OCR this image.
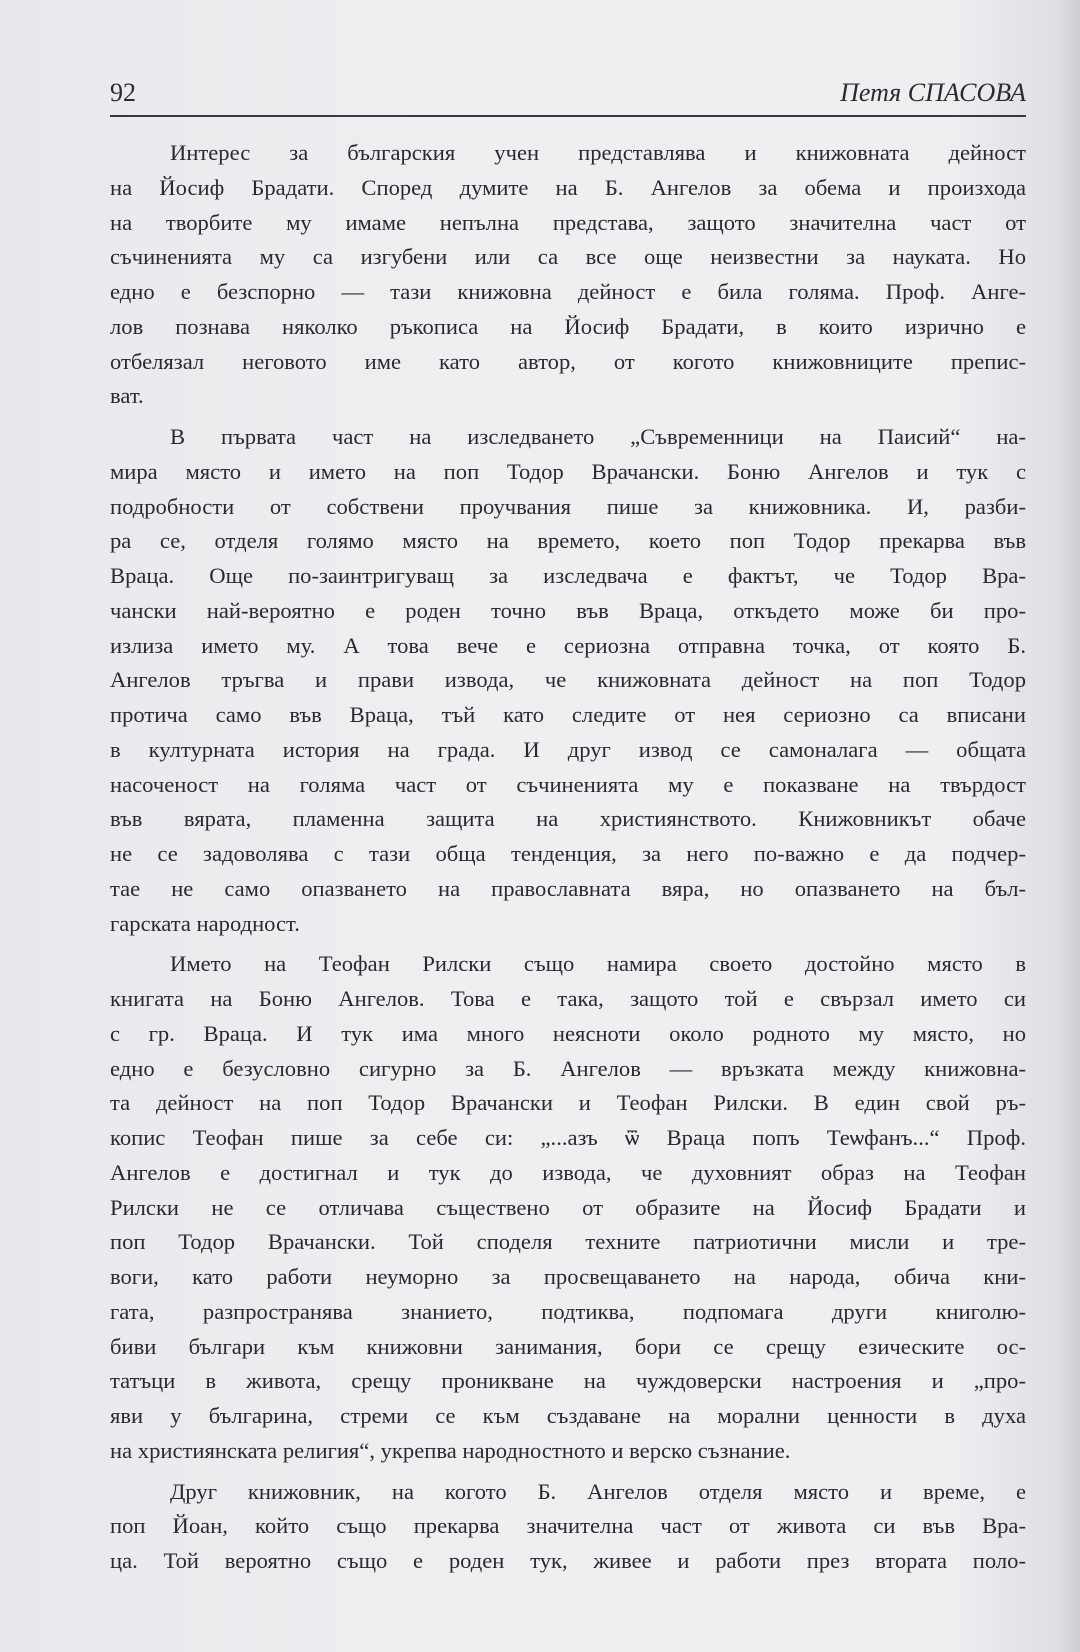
92	Петя СПАСОВА
Интерес за българския учен представлява и книжовната дейност
на Йосиф Брадати. Според думите на Б. Ангелов за обема и произхода
на творбите му имаме непълна представа, защото значителна част от
съчиненията му са изгубени или са все още неизвестни за науката. Но
едно е безспорно — тази книжовна дейност е била голяма. Проф. Анге-
лов познава няколко ръкописа на Йосиф Брадати, в които изрично е
отбелязал неговото име като автор, от когото книжовниците препис-
ват.
В първата част на изследването „Съвременници на Паисий“ на-
мира място и името на поп Тодор Врачански. Боню Ангелов и тук с
подробности от собствени проучвания пише за книжовника. И, разби-
ра се, отделя голямо място на времето, което поп Тодор прекарва във
Враца. Още по-заинтригуващ за изследвача е фактът, че Тодор Вра-
чански най-вероятно е роден точно във Враца, откъдето може би про-
излиза името му. А това вече е сериозна отправна точка, от която Б.
Ангелов тръгва и прави извода, че книжовната дейност на поп Тодор
протича само във Враца, тъй като следите от нея сериозно са вписани
в културната история на града. И друг извод се самоналага — общата
насоченост на голяма част от съчиненията му е показване на твърдост
във вярата, пламенна защита на християнството. Книжовникът обаче
не се задоволява с тази обща тенденция, за него по-важно е да подчер-
тае не само опазването на православната вяра, но опазването на бъл-
гарската народност.
Името на Теофан Рилски също намира своето достойно място в
книгата на Боню Ангелов. Това е така, защото той е свързал името си
с гр. Враца. И тук има много неясноти около родното му място, но
едно е безусловно сигурно за Б. Ангелов — връзката между книжовна-
та дейност на поп Тодор Врачански и Теофан Рилски. В един свой ръ-
копис Теофан пише за себе си: „...азъ ѿ Враца попъ Теѡфанъ...“ Проф.
Ангелов е достигнал и тук до извода, че духовният образ на Теофан
Рилски не се отличава съществено от образите на Йосиф Брадати и
поп Тодор Врачански. Той споделя техните патриотични мисли и тре-
воги, като работи неуморно за просвещаването на народа, обича кни-
гата, разпространява знанието, подтиква, подпомага други книголю-
биви българи към книжовни занимания, бори се срещу езическите ос-
татъци в живота, срещу проникване на чуждоверски настроения и „про-
яви у българина, стреми се към създаване на морални ценности в духа
на християнската религия“, укрепва народностното и верско съзнание.
Друг книжовник, на когото Б. Ангелов отделя място и време, е
поп Йоан, който също прекарва значителна част от живота си във Вра-
ца. Той вероятно също е роден тук, живее и работи през втората поло-
